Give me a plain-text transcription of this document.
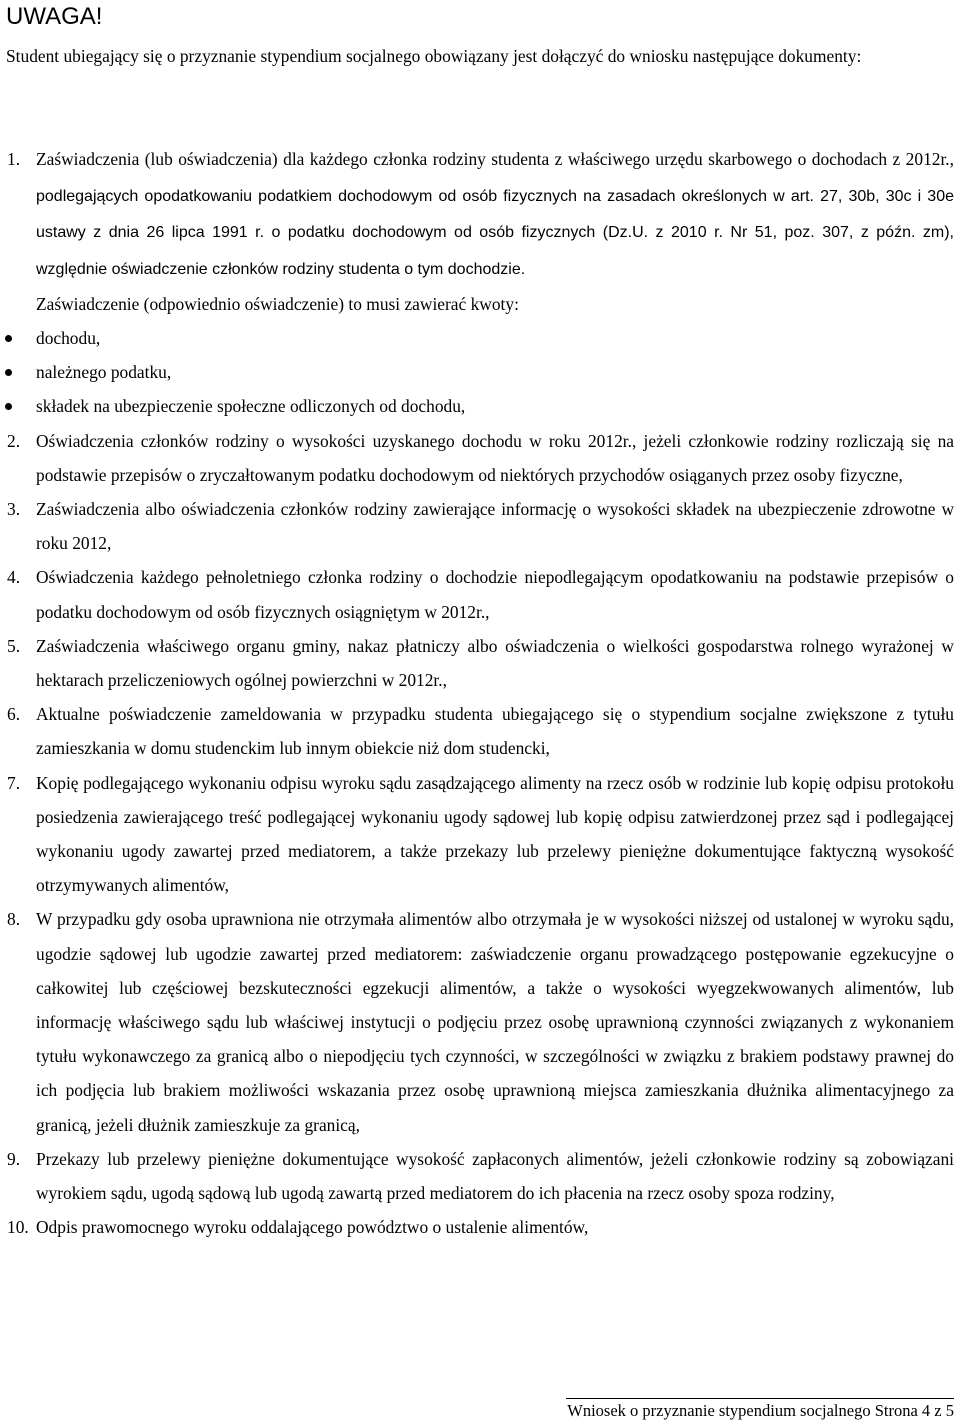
UWAGA!

Student ubiegający się o przyznanie stypendium socjalnego obowiązany jest dołączyć do wniosku następujące dokumenty:

1. Zaświadczenia (lub oświadczenia) dla każdego członka rodziny studenta z właściwego urzędu skarbowego o dochodach z 2012r., podlegających opodatkowaniu podatkiem dochodowym od osób fizycznych na zasadach określonych w art. 27, 30b, 30c i 30e ustawy z dnia 26 lipca 1991 r. o podatku dochodowym od osób fizycznych (Dz.U. z 2010 r. Nr 51, poz. 307, z późn. zm), względnie oświadczenie członków rodziny studenta o tym dochodzie.

Zaświadczenie (odpowiednio oświadczenie) to musi zawierać kwoty:

dochodu,
należnego podatku,
składek na ubezpieczenie społeczne odliczonych od dochodu,
2. Oświadczenia członków rodziny o wysokości uzyskanego dochodu w roku 2012r., jeżeli członkowie rodziny rozliczają się na podstawie przepisów o zryczałtowanym podatku dochodowym od niektórych przychodów osiąganych przez osoby fizyczne,
3. Zaświadczenia albo oświadczenia członków rodziny zawierające informację o wysokości składek na ubezpieczenie zdrowotne w roku 2012,
4. Oświadczenia każdego pełnoletniego członka rodziny o dochodzie niepodlegającym opodatkowaniu na podstawie przepisów o podatku dochodowym od osób fizycznych osiągniętym w 2012r.,
5. Zaświadczenia właściwego organu gminy, nakaz płatniczy albo oświadczenia o wielkości gospodarstwa rolnego wyrażonej w hektarach przeliczeniowych ogólnej powierzchni w 2012r.,
6. Aktualne poświadczenie zameldowania w przypadku studenta ubiegającego się o stypendium socjalne zwiększone z tytułu zamieszkania w domu studenckim lub innym obiekcie niż dom studencki,
7. Kopię podlegającego wykonaniu odpisu wyroku sądu zasądzającego alimenty na rzecz osób w rodzinie lub kopię odpisu protokołu posiedzenia zawierającego treść podlegającej wykonaniu ugody sądowej lub kopię odpisu zatwierdzonej przez sąd i podlegającej wykonaniu ugody zawartej przed mediatorem, a także przekazy lub przelewy pieniężne dokumentujące faktyczną wysokość otrzymywanych alimentów,
8. W przypadku gdy osoba uprawniona nie otrzymała alimentów albo otrzymała je w wysokości niższej od ustalonej w wyroku sądu, ugodzie sądowej lub ugodzie zawartej przed mediatorem: zaświadczenie organu prowadzącego postępowanie egzekucyjne o całkowitej lub częściowej bezskuteczności egzekucji alimentów, a także o wysokości wyegzekwowanych alimentów, lub informację właściwego sądu lub właściwej instytucji o podjęciu przez osobę uprawnioną czynności związanych z wykonaniem tytułu wykonawczego za granicą albo o niepodjęciu tych czynności, w szczególności w związku z brakiem podstawy prawnej do ich podjęcia lub brakiem możliwości wskazania przez osobę uprawnioną miejsca zamieszkania dłużnika alimentacyjnego za granicą, jeżeli dłużnik zamieszkuje za granicą,
9. Przekazy lub przelewy pieniężne dokumentujące wysokość zapłaconych alimentów, jeżeli członkowie rodziny są zobowiązani wyrokiem sądu, ugodą sądową lub ugodą zawartą przed mediatorem do ich płacenia na rzecz osoby spoza rodziny,
10. Odpis prawomocnego wyroku oddalającego powództwo o ustalenie alimentów,
Wniosek o przyznanie stypendium socjalnego Strona 4 z 5
